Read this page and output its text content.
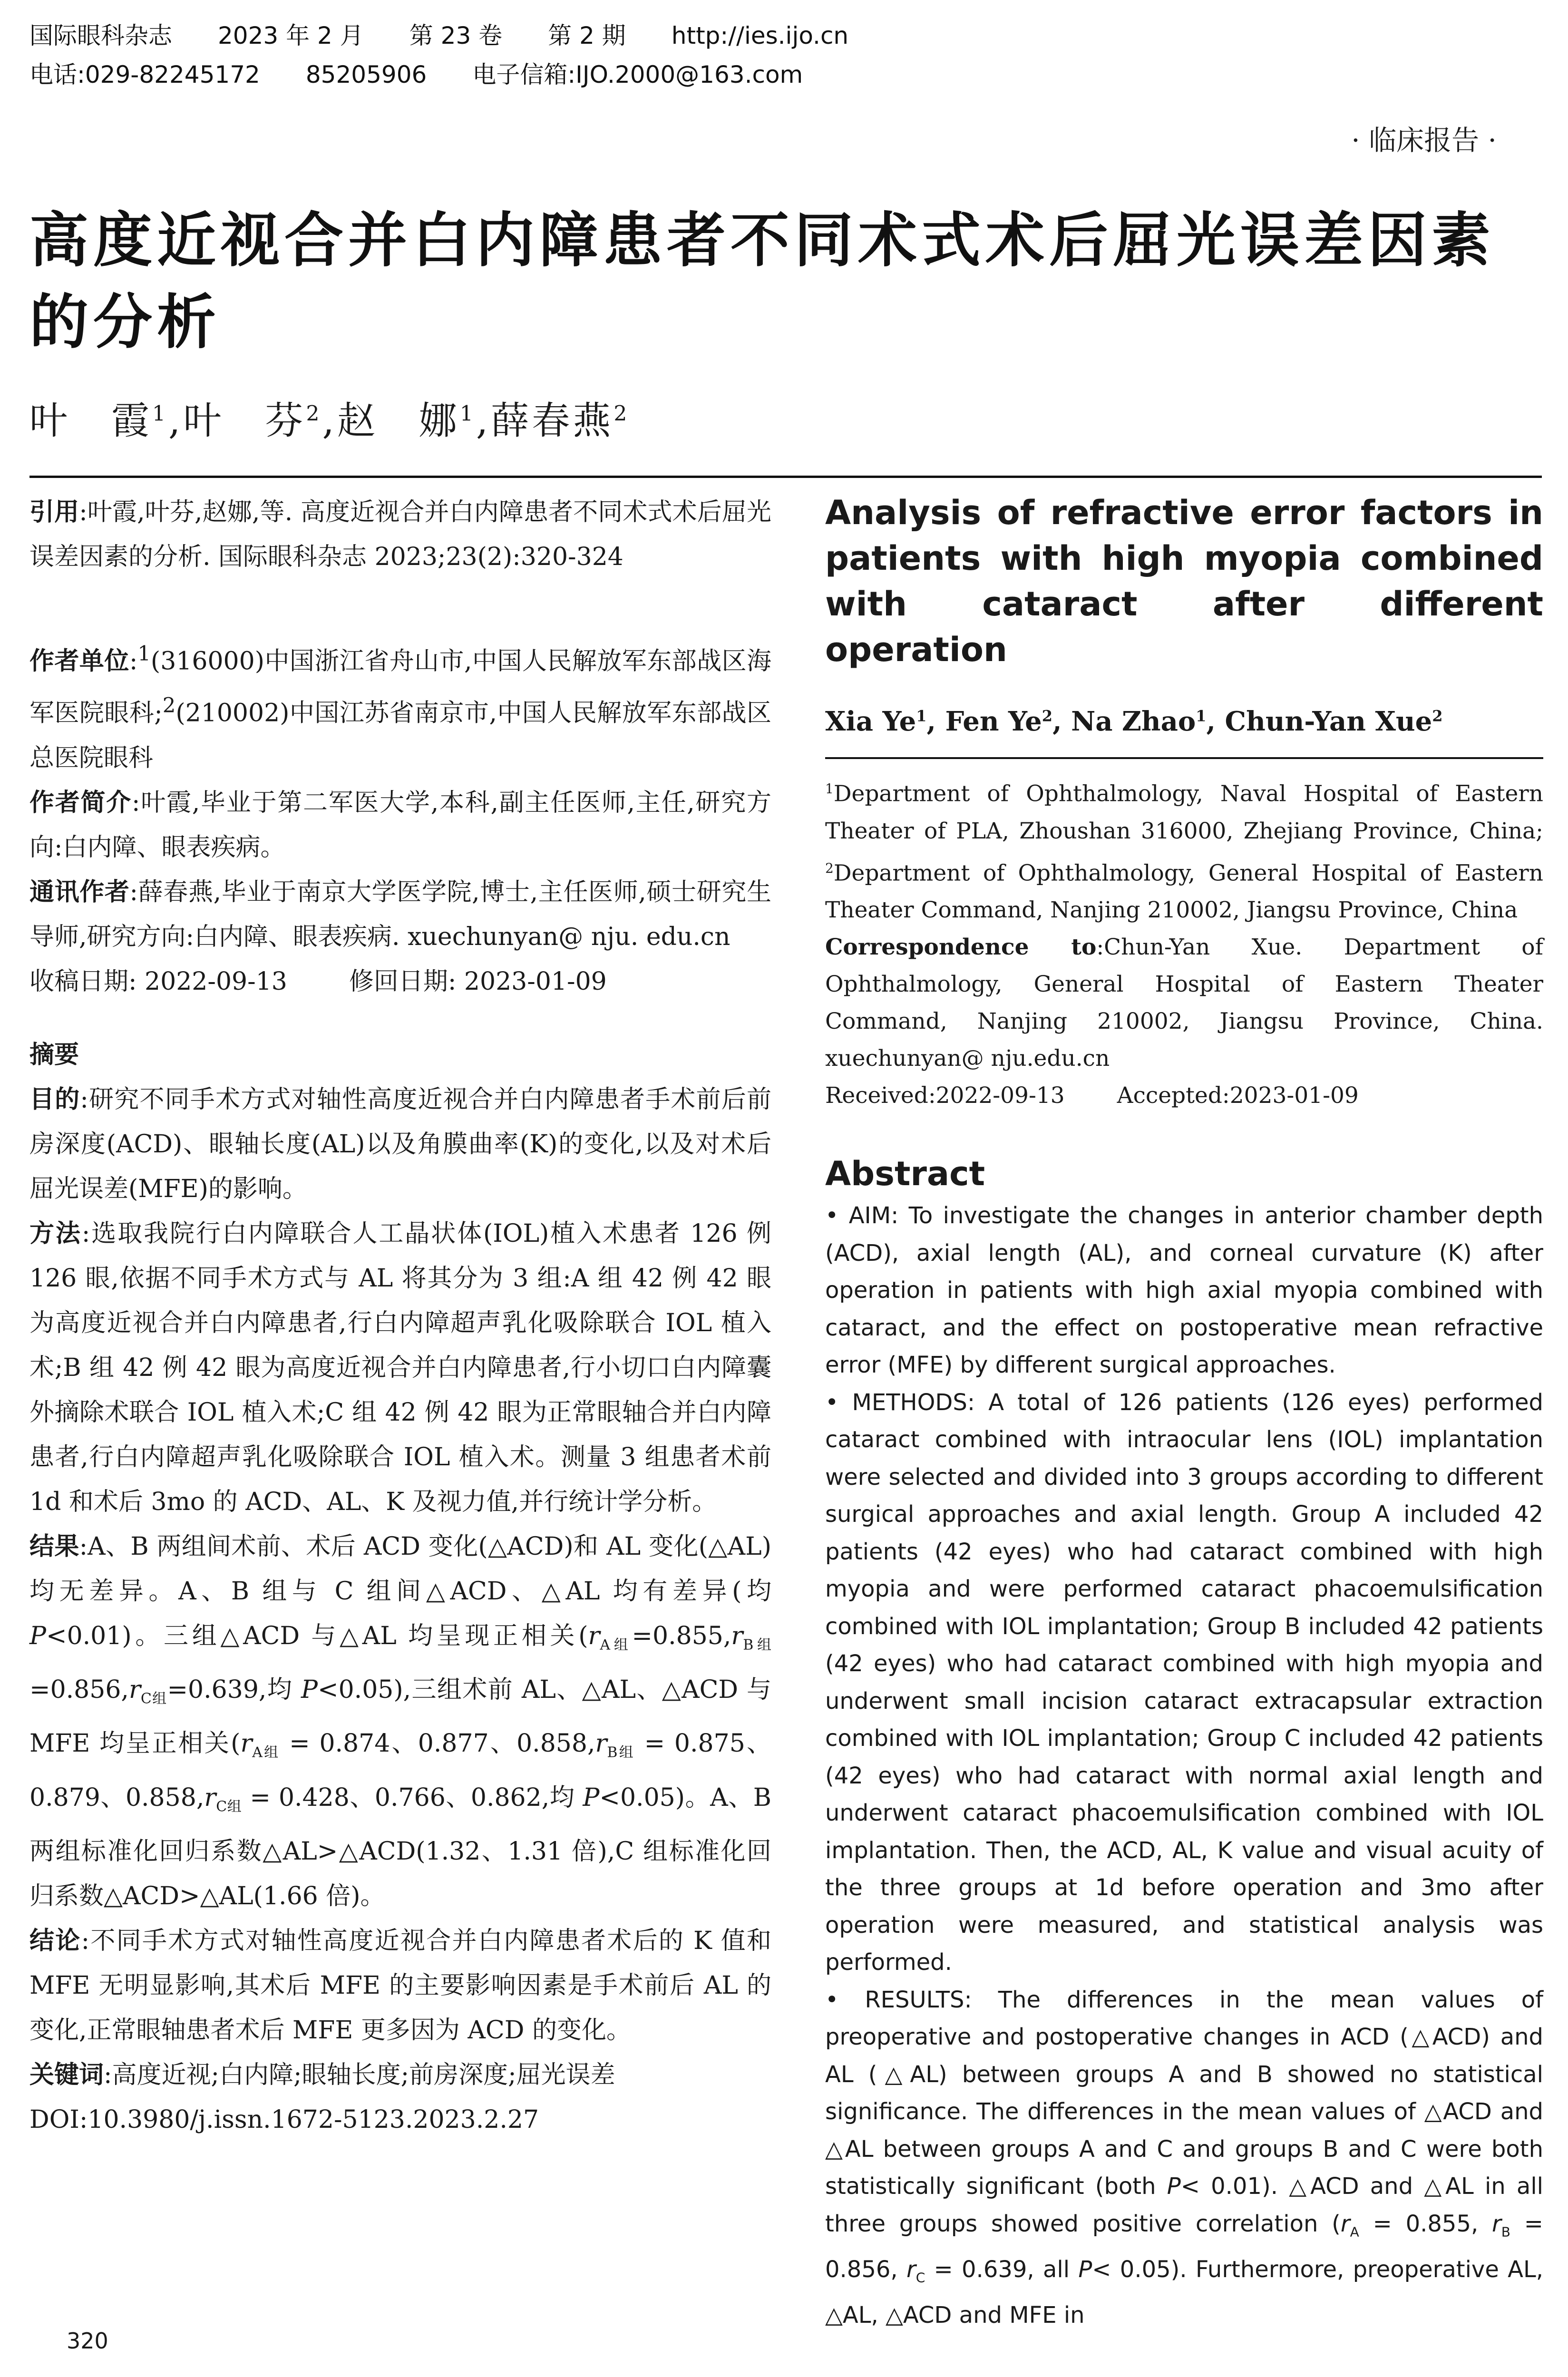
国际眼科杂志 2023 年 2 月 第 23 卷 第 2 期 http://ies.ijo.cn
电话:029-82245172 85205906 电子信箱:IJO.2000@163.com
· 临床报告 ·
高度近视合并白内障患者不同术式术后屈光误差因素的分析
叶　霞$^1$,叶　芬$^2$,赵　娜$^1$,薛春燕$^2$

引用:叶霞,叶芬,赵娜,等. 高度近视合并白内障患者不同术式术后屈光误差因素的分析. 国际眼科杂志 2023;23(2):320-324

作者单位:$^1$(316000)中国浙江省舟山市,中国人民解放军东部战区海军医院眼科;$^2$(210002)中国江苏省南京市,中国人民解放军东部战区总医院眼科

作者简介:叶霞,毕业于第二军医大学,本科,副主任医师,主任,研究方向:白内障、眼表疾病。

通讯作者:薛春燕,毕业于南京大学医学院,博士,主任医师,硕士研究生导师,研究方向:白内障、眼表疾病. xuechunyan@ nju. edu.cn

收稿日期: 2022-09-13	修回日期: 2023-01-09

摘要

目的:研究不同手术方式对轴性高度近视合并白内障患者手术前后前房深度(ACD)、眼轴长度(AL)以及角膜曲率(K)的变化,以及对术后屈光误差(MFE)的影响。

方法:选取我院行白内障联合人工晶状体(IOL)植入术患者 126 例 126 眼,依据不同手术方式与 AL 将其分为 3 组:A 组 42 例 42 眼为高度近视合并白内障患者,行白内障超声乳化吸除联合 IOL 植入术;B 组 42 例 42 眼为高度近视合并白内障患者,行小切口白内障囊外摘除术联合 IOL 植入术;C 组 42 例 42 眼为正常眼轴合并白内障患者,行白内障超声乳化吸除联合 IOL 植入术。测量 3 组患者术前 1d 和术后 3mo 的 ACD、AL、K 及视力值,并行统计学分析。

结果:A、B 两组间术前、术后 ACD 变化(△ACD)和 AL 变化(△AL)均无差异。A、B 组与 C 组间△ACD、△AL 均有差异(均 P<0.01)。三组△ACD 与△AL 均呈现正相关($r_{A组}=0.855,r_{B组}=0.856,r_{C组}=0.639$,均 P<0.05),三组术前 AL、△AL、△ACD 与 MFE 均呈正相关($r_{A组} = 0.874$、0.877、$0.858,r_{B组} = 0.875$、0.879、$0.858,r_{C组} = 0.428$、0.766、0.862,均 P<0.05)。A、B 两组标准化回归系数△AL>△ACD(1.32、1.31 倍),C 组标准化回归系数△ACD>△AL(1.66 倍)。

结论:不同手术方式对轴性高度近视合并白内障患者术后的 K 值和 MFE 无明显影响,其术后 MFE 的主要影响因素是手术前后 AL 的变化,正常眼轴患者术后 MFE 更多因为 ACD 的变化。

关键词:高度近视;白内障;眼轴长度;前房深度;屈光误差

DOI:10.3980/j.issn.1672-5123.2023.2.27

Analysis of refractive error factors in patients with high myopia combined with cataract after different operation
Xia Ye$^1$, Fen Ye$^2$, Na Zhao$^1$, Chun-Yan Xue$^2$

$^1$Department of Ophthalmology, Naval Hospital of Eastern Theater of PLA, Zhoushan 316000, Zhejiang Province, China; $^2$Department of Ophthalmology, General Hospital of Eastern Theater Command, Nanjing 210002, Jiangsu Province, China

Correspondence to:Chun-Yan Xue. Department of Ophthalmology, General Hospital of Eastern Theater Command, Nanjing 210002, Jiangsu Province, China. xuechunyan@ nju.edu.cn

Received:2022-09-13 Accepted:2023-01-09

Abstract

• AIM: To investigate the changes in anterior chamber depth (ACD), axial length (AL), and corneal curvature (K) after operation in patients with high axial myopia combined with cataract, and the effect on postoperative mean refractive error (MFE) by different surgical approaches.

• METHODS: A total of 126 patients (126 eyes) performed cataract combined with intraocular lens (IOL) implantation were selected and divided into 3 groups according to different surgical approaches and axial length. Group A included 42 patients (42 eyes) who had cataract combined with high myopia and were performed cataract phacoemulsification combined with IOL implantation; Group B included 42 patients (42 eyes) who had cataract combined with high myopia and underwent small incision cataract extracapsular extraction combined with IOL implantation; Group C included 42 patients (42 eyes) who had cataract with normal axial length and underwent cataract phacoemulsification combined with IOL implantation. Then, the ACD, AL, K value and visual acuity of the three groups at 1d before operation and 3mo after operation were measured, and statistical analysis was performed.

• RESULTS: The differences in the mean values of preoperative and postoperative changes in ACD (△ACD) and AL (△AL) between groups A and B showed no statistical significance. The differences in the mean values of △ACD and △AL between groups A and C and groups B and C were both statistically significant (both P< 0.01). △ACD and △AL in all three groups showed positive correlation ($r_A = 0.855$, $r_B = 0.856$, $r_C = 0.639$, all P< 0.05). Furthermore, preoperative AL, △AL, △ACD and MFE in

320
